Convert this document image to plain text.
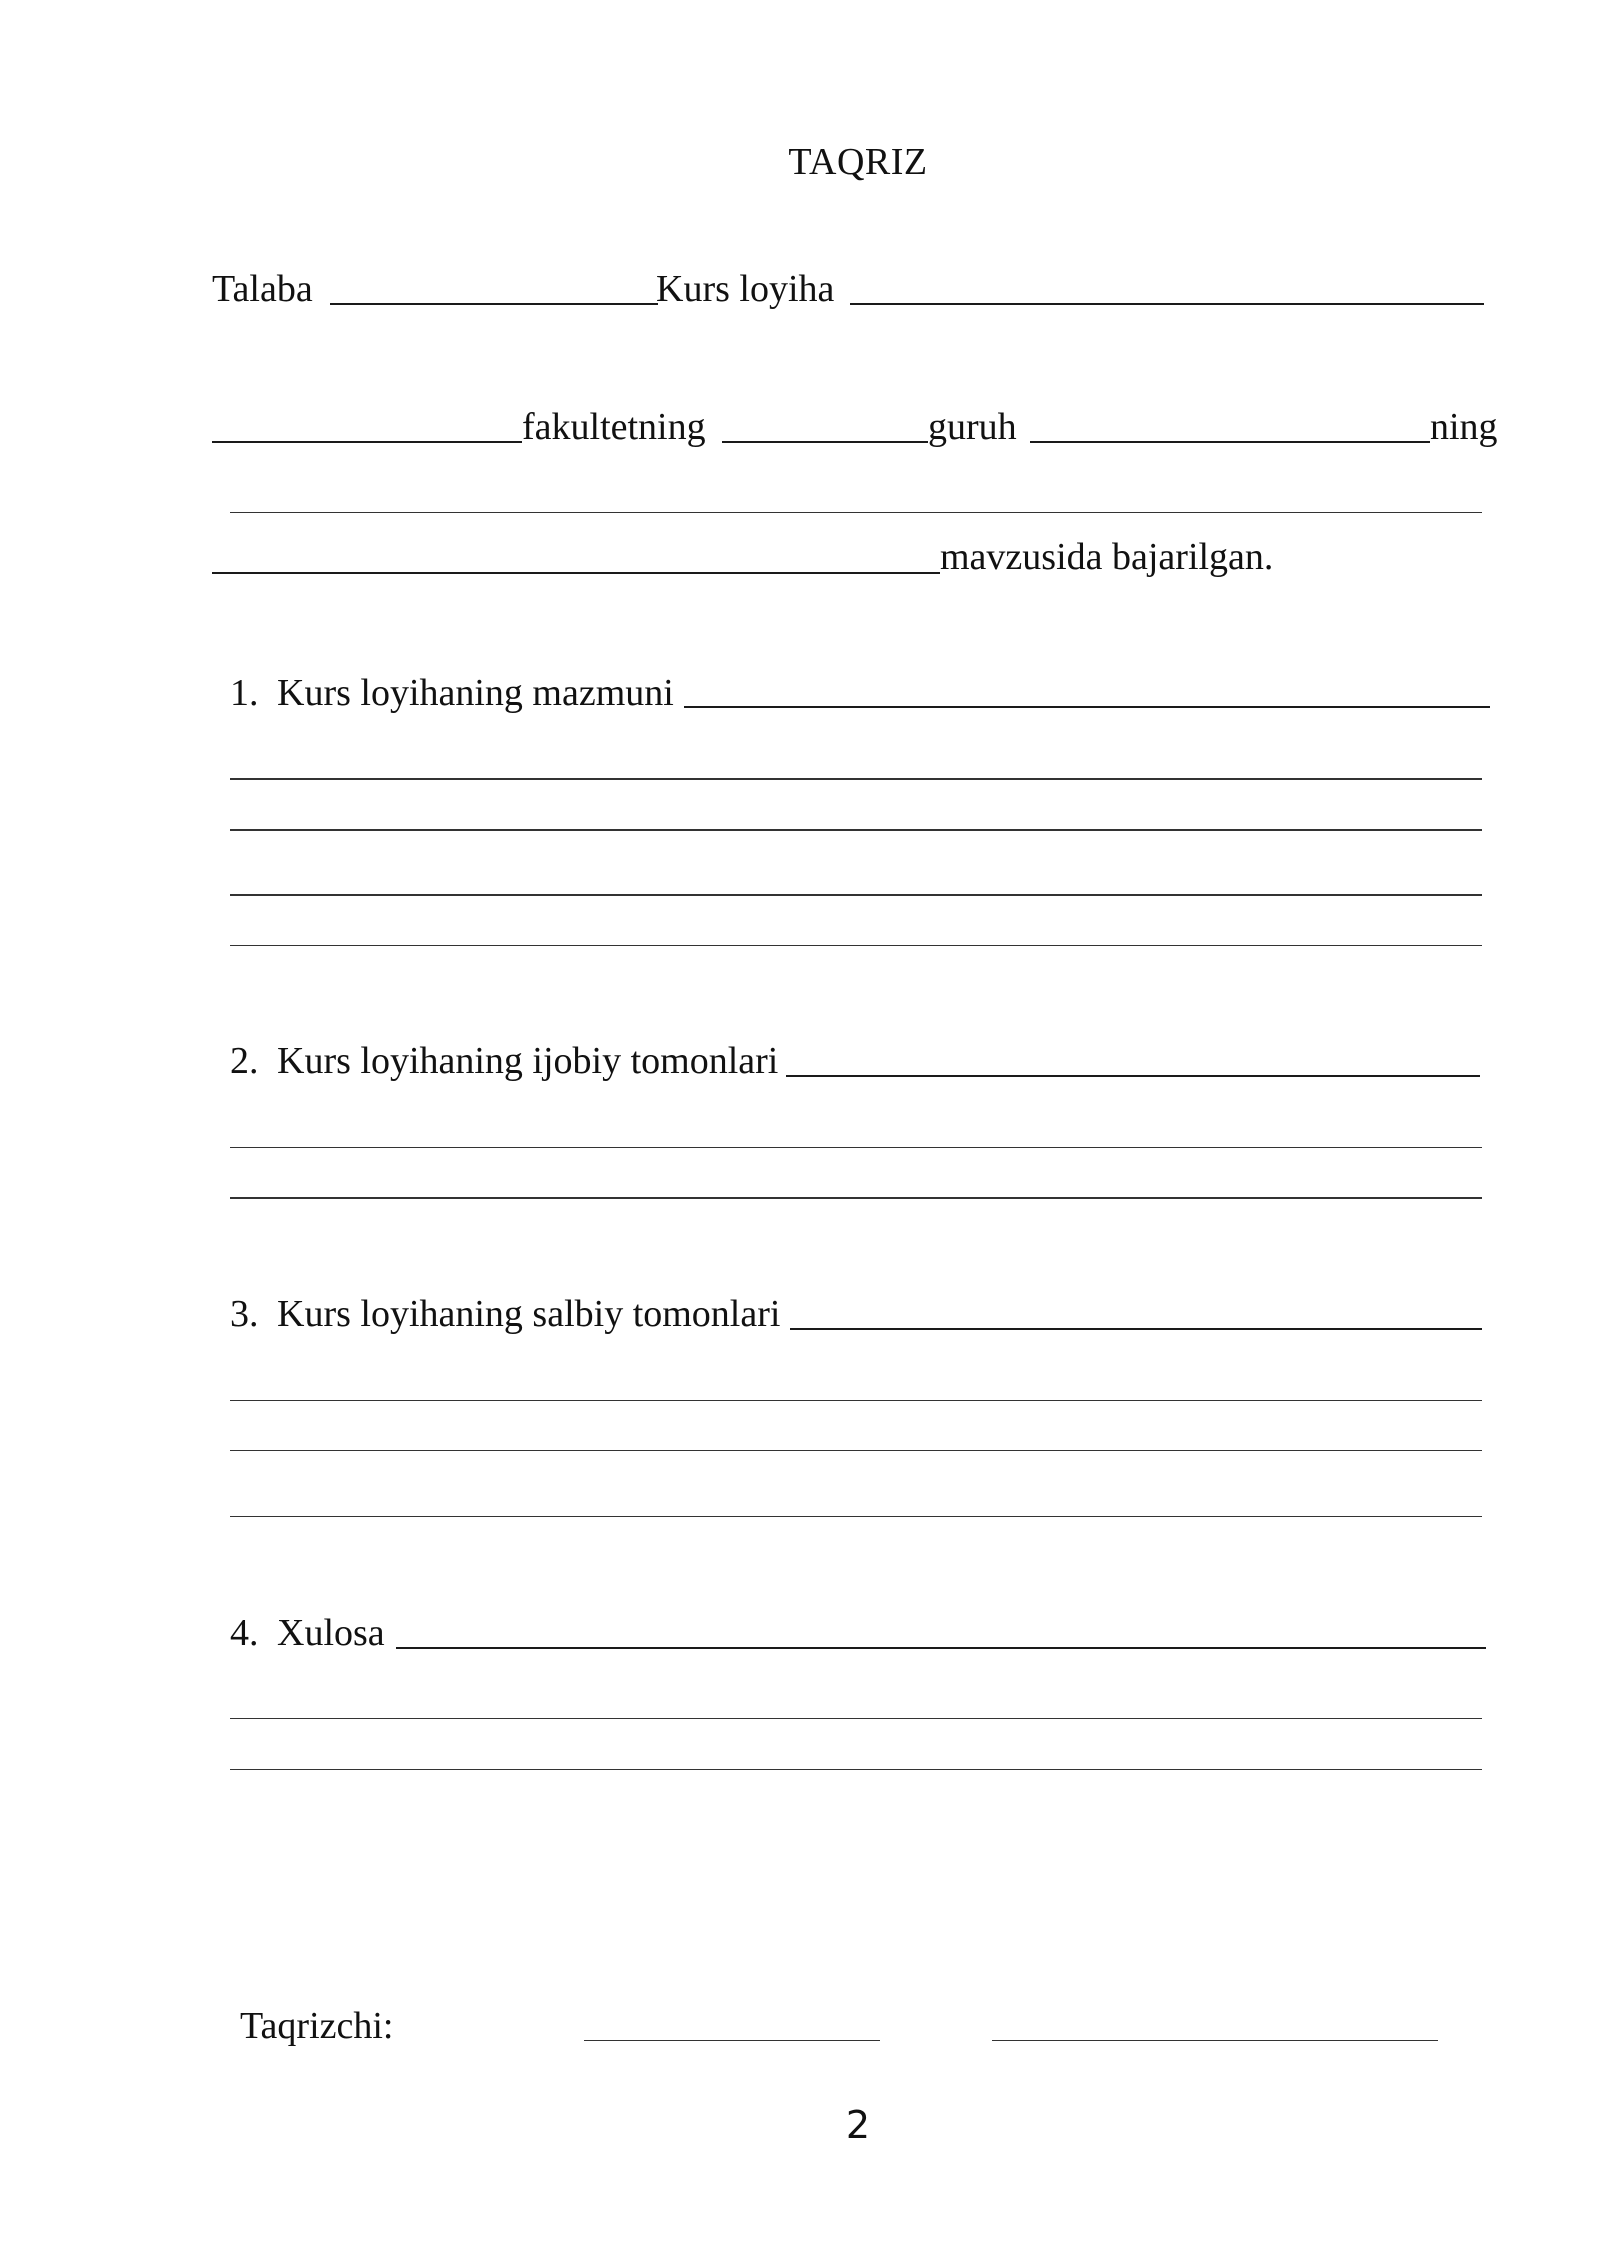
TAQRIZ
Talaba	Kurs loyiha
fakultetning	guruh	ning
mavzusida bajarilgan.
1. Kurs loyihaning mazmuni
2. Kurs loyihaning ijobiy tomonlari
3. Kurs loyihaning salbiy tomonlari
4. Xulosa
Taqrizchi:
2
